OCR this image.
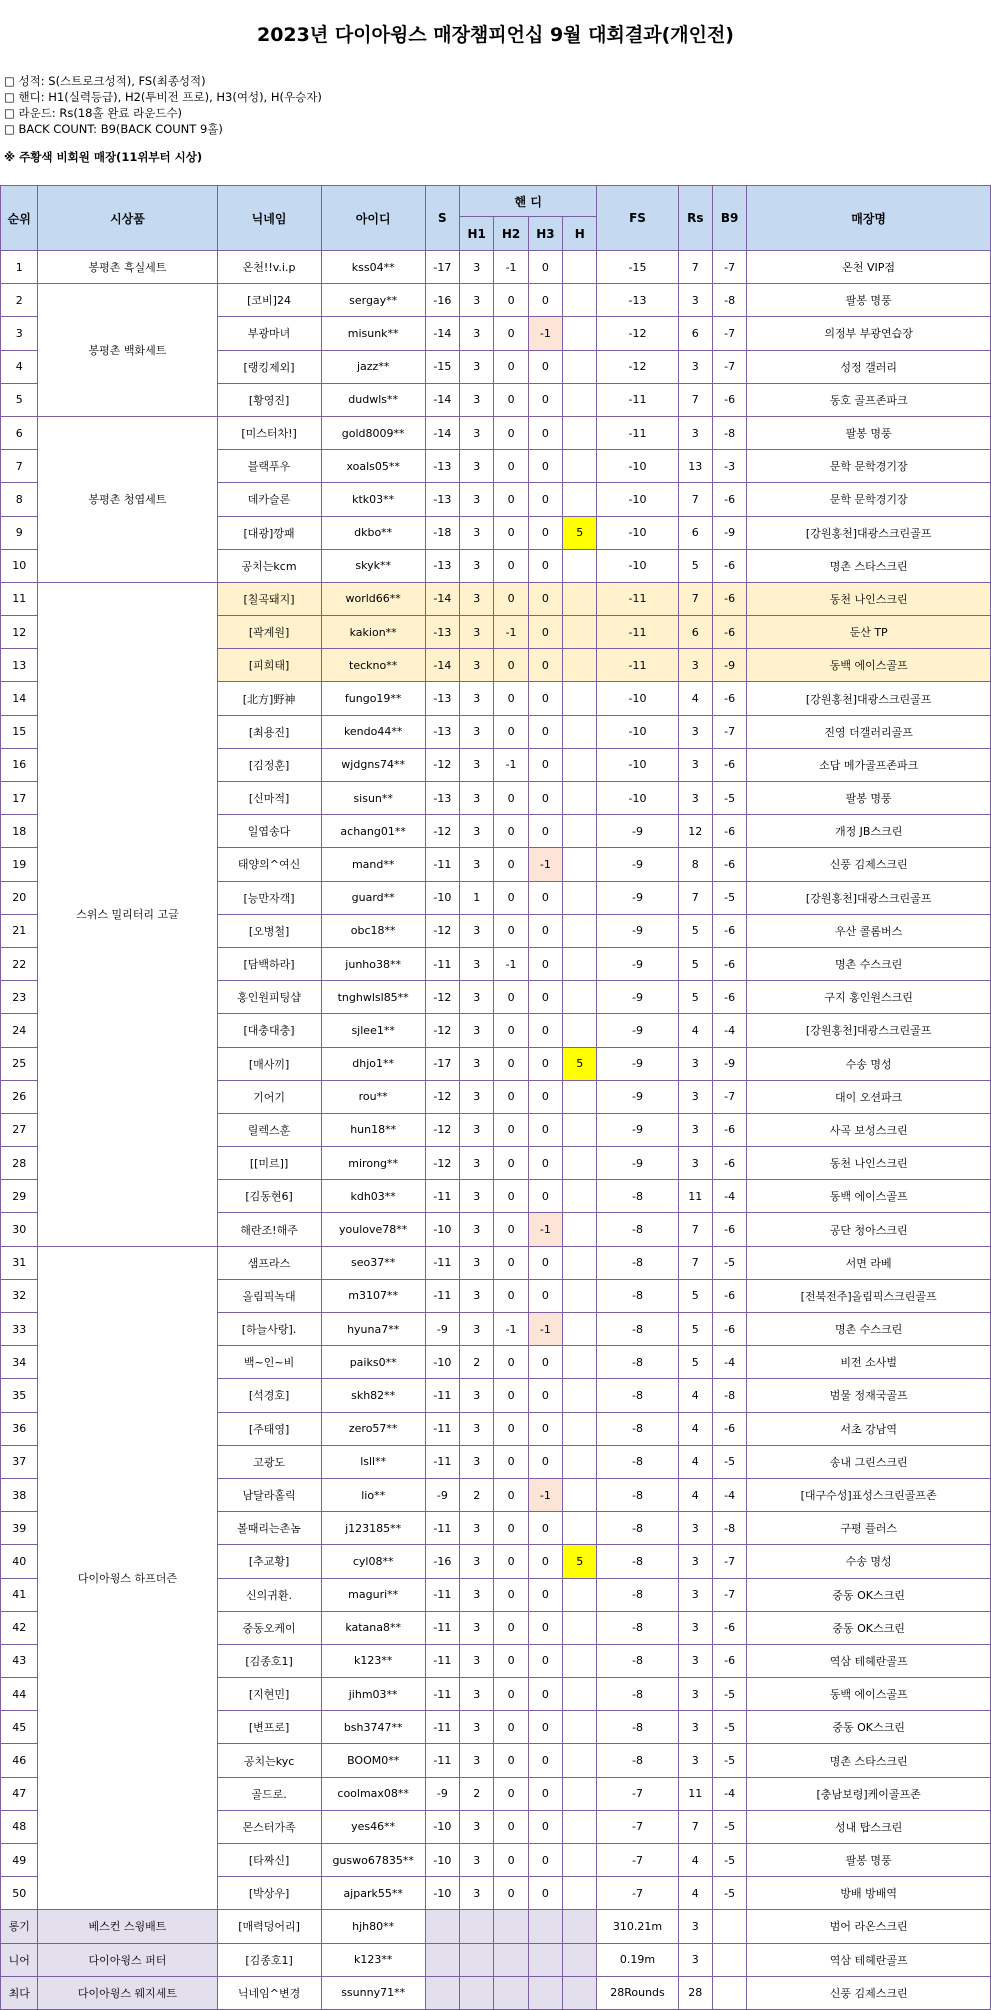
2023년 다이아윙스 매장챔피언십 9월 대회결과(개인전)
□ 성적: S(스트로크성적), FS(최종성적)
□ 핸디: H1(실력등급), H2(투비전 프로), H3(여성), H(우승자)
□ 라운드: Rs(18홀 완료 라운드수)
□ BACK COUNT: B9(BACK COUNT 9홀)
※ 주황색 비회원 매장(11위부터 시상)
순위	시상품	닉네임	아이디	S	핸 디				FS	Rs	B9	매장명
					H1	H2	H3	H				
1	봉평촌 흑실세트	온천!!v.i.p	kss04**	-17	3	-1	0		-15	7	-7	온천 VIP점
2	봉평촌 백화세트	[코비]24	sergay**	-16	3	0	0		-13	3	-8	팔봉 명풍
3		부광마녀	misunk**	-14	3	0	-1		-12	6	-7	의정부 부광연습장
4		[랭킹제외]	jazz**	-15	3	0	0		-12	3	-7	성정 갤러리
5		[황영진]	dudwls**	-14	3	0	0		-11	7	-6	동호 골프존파크
6	봉평촌 청엽세트	[미스터차!]	gold8009**	-14	3	0	0		-11	3	-8	팔봉 명풍
7		블랙푸우	xoals05**	-13	3	0	0		-10	13	-3	문학 문학경기장
8		데카슬론	ktk03**	-13	3	0	0		-10	7	-6	문학 문학경기장
9		[대광]깡패	dkbo**	-18	3	0	0	5	-10	6	-9	[강원홍천]대광스크린골프
10		공치는kcm	skyk**	-13	3	0	0		-10	5	-6	명촌 스타스크린
11	스위스 밀리터리 고글	[칠곡돼지]	world66**	-14	3	0	0		-11	7	-6	동천 나인스크린
12		[곽계원]	kakion**	-13	3	-1	0		-11	6	-6	둔산 TP
13		[피희태]	teckno**	-14	3	0	0		-11	3	-9	동백 에이스골프
14		[北方]野神	fungo19**	-13	3	0	0		-10	4	-6	[강원홍천]대광스크린골프
15		[최용진]	kendo44**	-13	3	0	0		-10	3	-7	진영 더갤러리골프
16		[김정훈]	wjdgns74**	-12	3	-1	0		-10	3	-6	소답 메가골프존파크
17		[신마적]	sisun**	-13	3	0	0		-10	3	-5	팔봉 명풍
18		일엽송다	achang01**	-12	3	0	0		-9	12	-6	개정 JB스크린
19		태양의^여신	mand**	-11	3	0	-1		-9	8	-6	신풍 김제스크린
20		[능만자객]	guard**	-10	1	0	0		-9	7	-5	[강원홍천]대광스크린골프
21		[오병철]	obc18**	-12	3	0	0		-9	5	-6	우산 콜롬버스
22		[담백하라]	junho38**	-11	3	-1	0		-9	5	-6	명촌 수스크린
23		홍인원피팅샵	tnghwlsl85**	-12	3	0	0		-9	5	-6	구지 홍인원스크린
24		[대충대충]	sjlee1**	-12	3	0	0		-9	4	-4	[강원홍천]대광스크린골프
25		[매사끼]	dhjo1**	-17	3	0	0	5	-9	3	-9	수송 명성
26		기어기	rou**	-12	3	0	0		-9	3	-7	대이 오션파크
27		릴렉스훈	hun18**	-12	3	0	0		-9	3	-6	사곡 보성스크린
28		[[미르]]	mirong**	-12	3	0	0		-9	3	-6	동천 나인스크린
29		[김동현6]	kdh03**	-11	3	0	0		-8	11	-4	동백 에이스골프
30		해란조!해주	youlove78**	-10	3	0	-1		-8	7	-6	공단 청아스크린
31	다이아윙스 하프더즌	샘프라스	seo37**	-11	3	0	0		-8	7	-5	서면 라베
32		올림픽녹대	m3107**	-11	3	0	0		-8	5	-6	[전북전주]올림픽스크린골프
33		[하늘사랑].	hyuna7**	-9	3	-1	-1		-8	5	-6	명촌 수스크린
34		백~인~비	paiks0**	-10	2	0	0		-8	5	-4	비전 소사벌
35		[석경호]	skh82**	-11	3	0	0		-8	4	-8	범물 정재국골프
36		[주태영]	zero57**	-11	3	0	0		-8	4	-6	서초 강남역
37		고광도	lsll**	-11	3	0	0		-8	4	-5	송내 그린스크린
38		남달라홀릭	lio**	-9	2	0	-1		-8	4	-4	[대구수성]표성스크린골프존
39		볼때리는촌놈	j123185**	-11	3	0	0		-8	3	-8	구평 플러스
40		[추교황]	cyl08**	-16	3	0	0	5	-8	3	-7	수송 명성
41		신의귀환.	maguri**	-11	3	0	0		-8	3	-7	중동 OK스크린
42		중동오케이	katana8**	-11	3	0	0		-8	3	-6	중동 OK스크린
43		[김종호1]	k123**	-11	3	0	0		-8	3	-6	역삼 테헤란골프
44		[지현민]	jihm03**	-11	3	0	0		-8	3	-5	동백 에이스골프
45		[변프로]	bsh3747**	-11	3	0	0		-8	3	-5	중동 OK스크린
46		공치는kyc	BOOM0**	-11	3	0	0		-8	3	-5	명촌 스타스크린
47		골드로.	coolmax08**	-9	2	0	0		-7	11	-4	[충남보령]케이골프존
48		몬스터가족	yes46**	-10	3	0	0		-7	7	-5	성내 탑스크린
49		[타짜신]	guswo67835**	-10	3	0	0		-7	4	-5	팔봉 명풍
50		[박상우]	ajpark55**	-10	3	0	0		-7	4	-5	방배 방배역
롱기	베스컨 스윙배트	[매력덩어리]	hjh80**						310.21m	3		범어 라온스크린
니어	다이아윙스 퍼터	[김종호1]	k123**						0.19m	3		역삼 테헤란골프
최다	다이아윙스 웨지세트	닉네임^변경	ssunny71**						28Rounds	28		신풍 김제스크린
